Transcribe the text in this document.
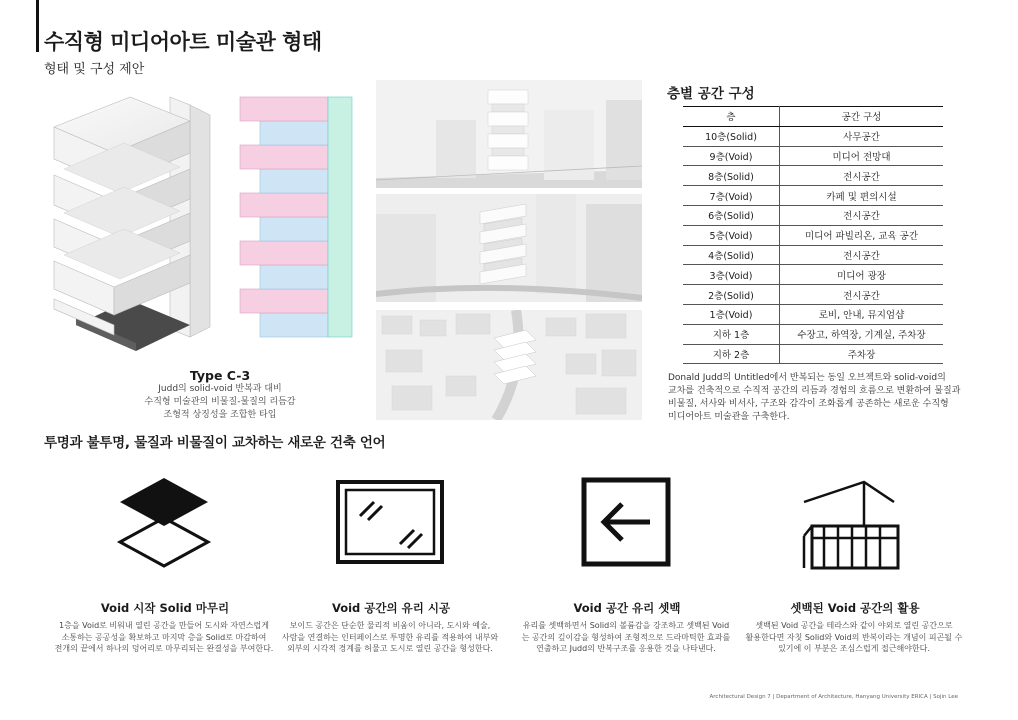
수직형 미디어아트 미술관 형태
형태 및 구성 제안
Type C-3
Judd의 solid-void 반복과 대비
수직형 미술관의 비물질-물질의 리듬감
조형적 상징성을 조합한 타입
층별 공간 구성
층	공간 구성
10층(Solid)	사무공간
9층(Void)	미디어 전망대
8층(Solid)	전시공간
7층(Void)	카페 및 편의시설
6층(Solid)	전시공간
5층(Void)	미디어 파빌리온, 교육 공간
4층(Solid)	전시공간
3층(Void)	미디어 광장
2층(Solid)	전시공간
1층(Void)	로비, 안내, 뮤지엄샵
지하 1층	수장고, 하역장, 기계실, 주차장
지하 2층	주차장
Donald Judd의 Untitled에서 반복되는 동일 오브젝트와 solid-void의
교차를 건축적으로 수직적 공간의 리듬과 경험의 흐름으로 변환하여 물질과
비물질, 서사와 비서사, 구조와 감각이 조화롭게 공존하는 새로운 수직형
미디어아트 미술관을 구축한다.
투명과 불투명, 물질과 비물질이 교차하는 새로운 건축 언어
Void 시작 Solid 마무리
1층을 Void로 비워내 열린 공간을 만들어 도시와 자연스럽게
소통하는 공공성을 확보하고 마지막 층을 Solid로 마감하여
전개의 끝에서 하나의 덩어리로 마무리되는 완결성을 부여한다.
Void 공간의 유리 시공
보이드 공간은 단순한 물리적 비움이 아니라, 도시와 예술,
사람을 연결하는 인터페이스로 투명한 유리를 적용하여 내부와
외부의 시각적 경계를 허물고 도시로 열린 공간을 형성한다.
Void 공간 유리 셋백
유리를 셋백하면서 Solid의 볼륨감을 강조하고 셋백된 Void
는 공간의 깊이감을 형성하여 조형적으로 드라마틱한 효과를
연출하고 Judd의 반복구조를 응용한 것을 나타낸다.
셋백된 Void 공간의 활용
셋백된 Void 공간을 테라스와 같이 야외로 열린 공간으로
활용한다면 자칫 Solid와 Void의 반복이라는 개념이 피곤될 수
있기에 이 부분은 조심스럽게 접근해야한다.
Architectural Design 7 | Department of Architecture, Hanyang University ERICA | Sojin Lee
